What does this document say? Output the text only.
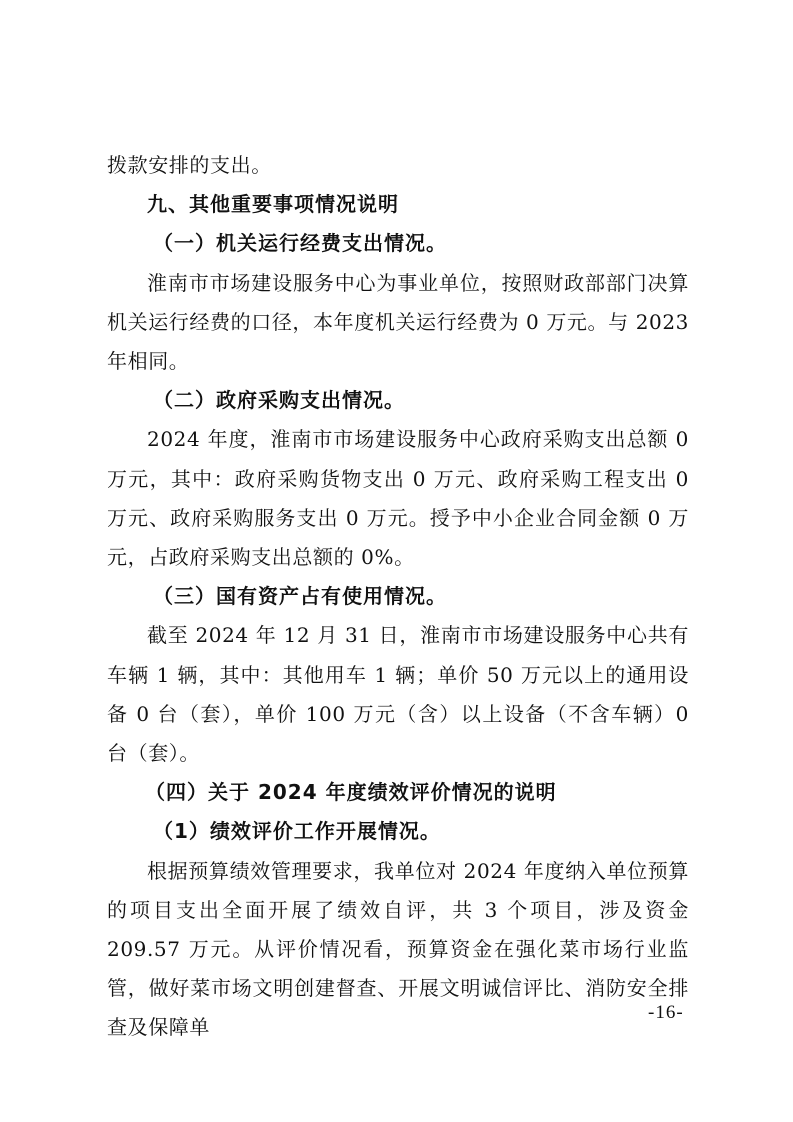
拨款安排的支出。

九、其他重要事项情况说明

（一）机关运行经费支出情况。

淮南市市场建设服务中心为事业单位，按照财政部部门决算机关运行经费的口径，本年度机关运行经费为 0 万元。与 2023 年相同。

（二）政府采购支出情况。

2024 年度，淮南市市场建设服务中心政府采购支出总额 0 万元，其中：政府采购货物支出 0 万元、政府采购工程支出 0 万元、政府采购服务支出 0 万元。授予中小企业合同金额 0 万元，占政府采购支出总额的 0%。

（三）国有资产占有使用情况。

截至 2024 年 12 月 31 日，淮南市市场建设服务中心共有车辆 1 辆，其中：其他用车 1 辆；单价 50 万元以上的通用设备 0 台（套），单价 100 万元（含）以上设备（不含车辆）0 台（套）。

（四）关于 2024 年度绩效评价情况的说明

（1）绩效评价工作开展情况。

根据预算绩效管理要求，我单位对 2024 年度纳入单位预算的项目支出全面开展了绩效自评，共 3 个项目，涉及资金 209.57 万元。从评价情况看，预算资金在强化菜市场行业监管，做好菜市场文明创建督查、开展文明诚信评比、消防安全排查及保障单

-16-
